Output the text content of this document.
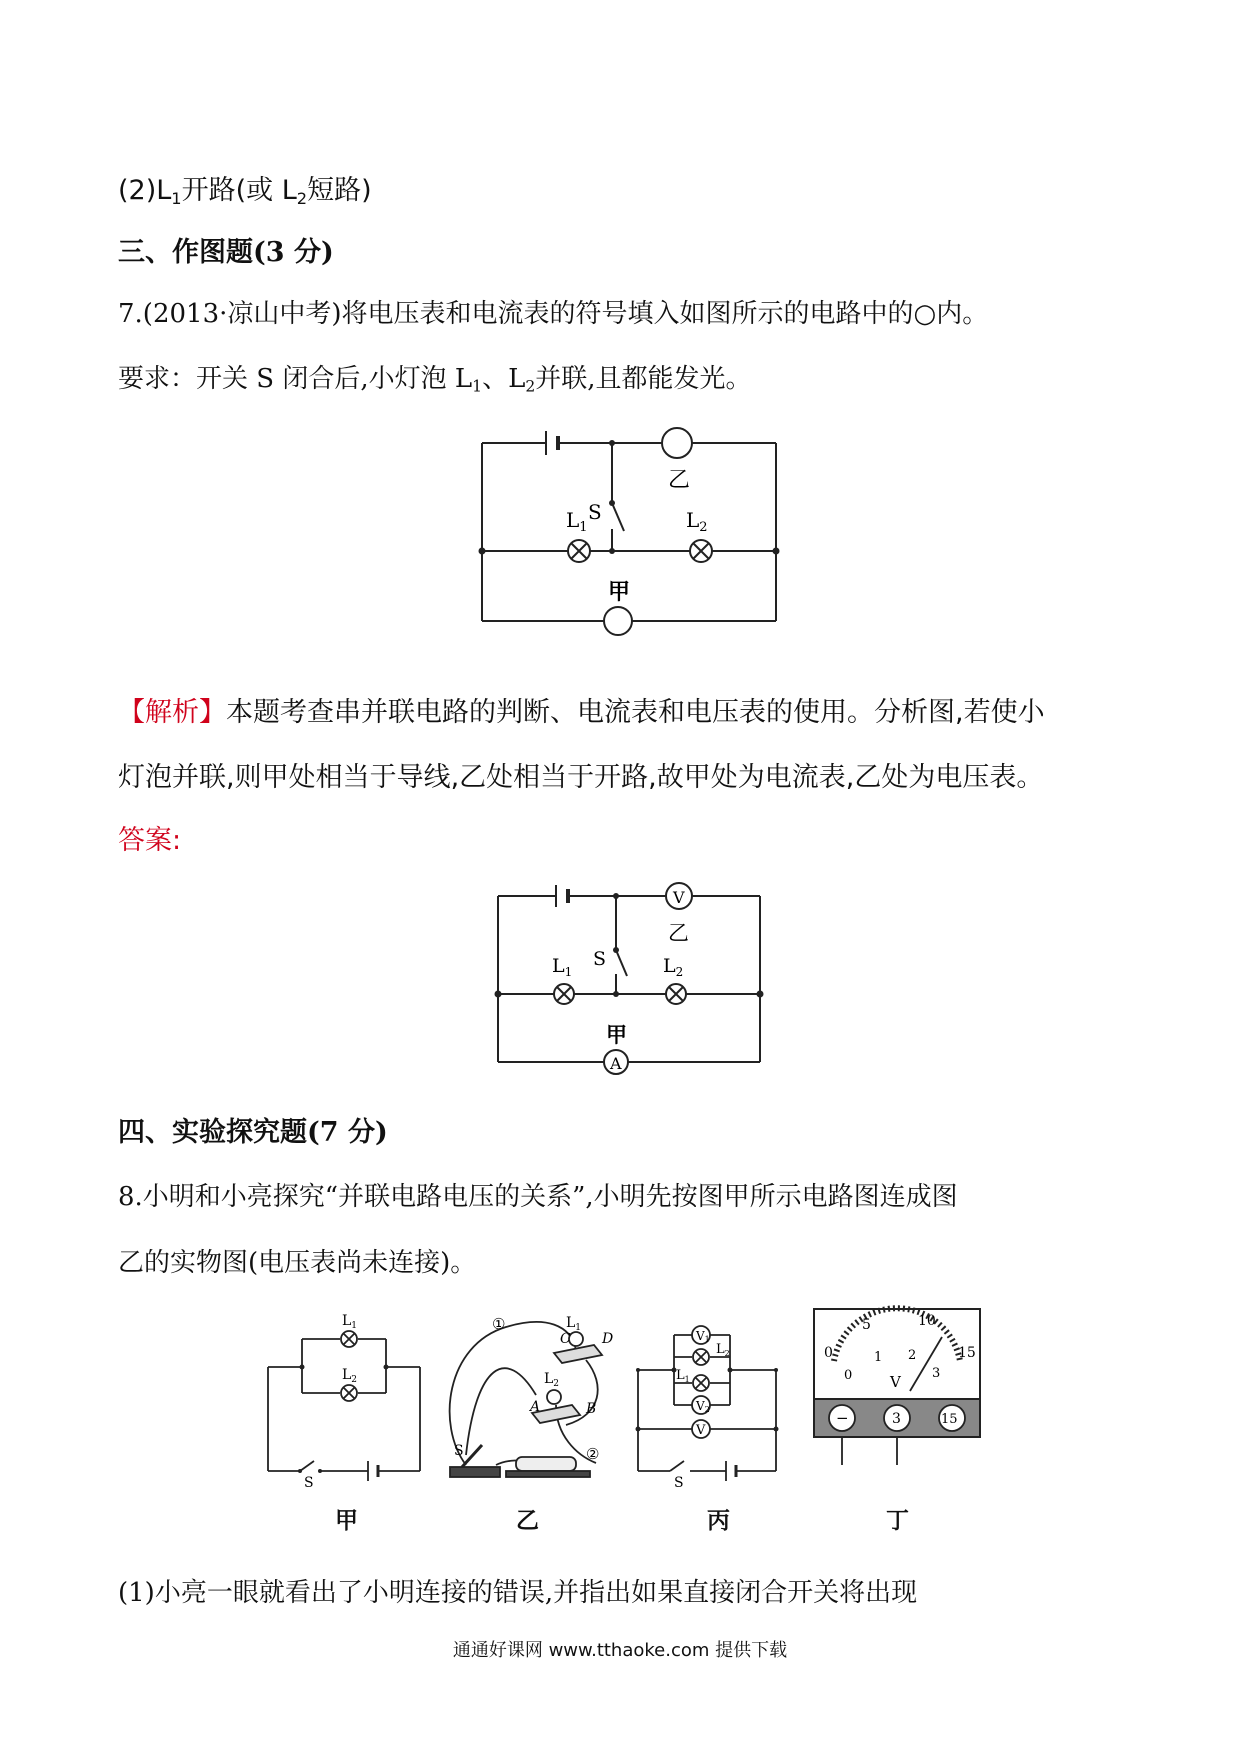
$(2)L_1$开路(或 $L_2$短路)
三、作图题(3 分)
7.(2013·凉山中考)将电压表和电流表的符号填入如图所示的电路中的○内。
要求：开关 S 闭合后,小灯泡 $L_1$、$L_2$并联,且都能发光。
$L_1$	$L_2$
S
乙
甲
【解析】本题考查串并联电路的判断、电流表和电压表的使用。分析图,若使小
灯泡并联,则甲处相当于导线,乙处相当于开路,故甲处为电流表,乙处为电压表。
答案:
V
A
$L_1$	$L_2$
S
乙
甲
四、实验探究题(7 分)
8.小明和小亮探究“并联电路电压的关系”,小明先按图甲所示电路图连成图
乙的实物图(电压表尚未连接)。
$L_1$
$L_2$
S
①
②
$L_1$
$L_2$
C D
A	B
S
V1
V2
V
$L_2$
$L_1$
S
0
5	10
15
0
1 2
3
V
−	3	15
甲	乙	丙	丁
(1)小亮一眼就看出了小明连接的错误,并指出如果直接闭合开关将出现
通通好课网 www.tthaoke.com 提供下载
